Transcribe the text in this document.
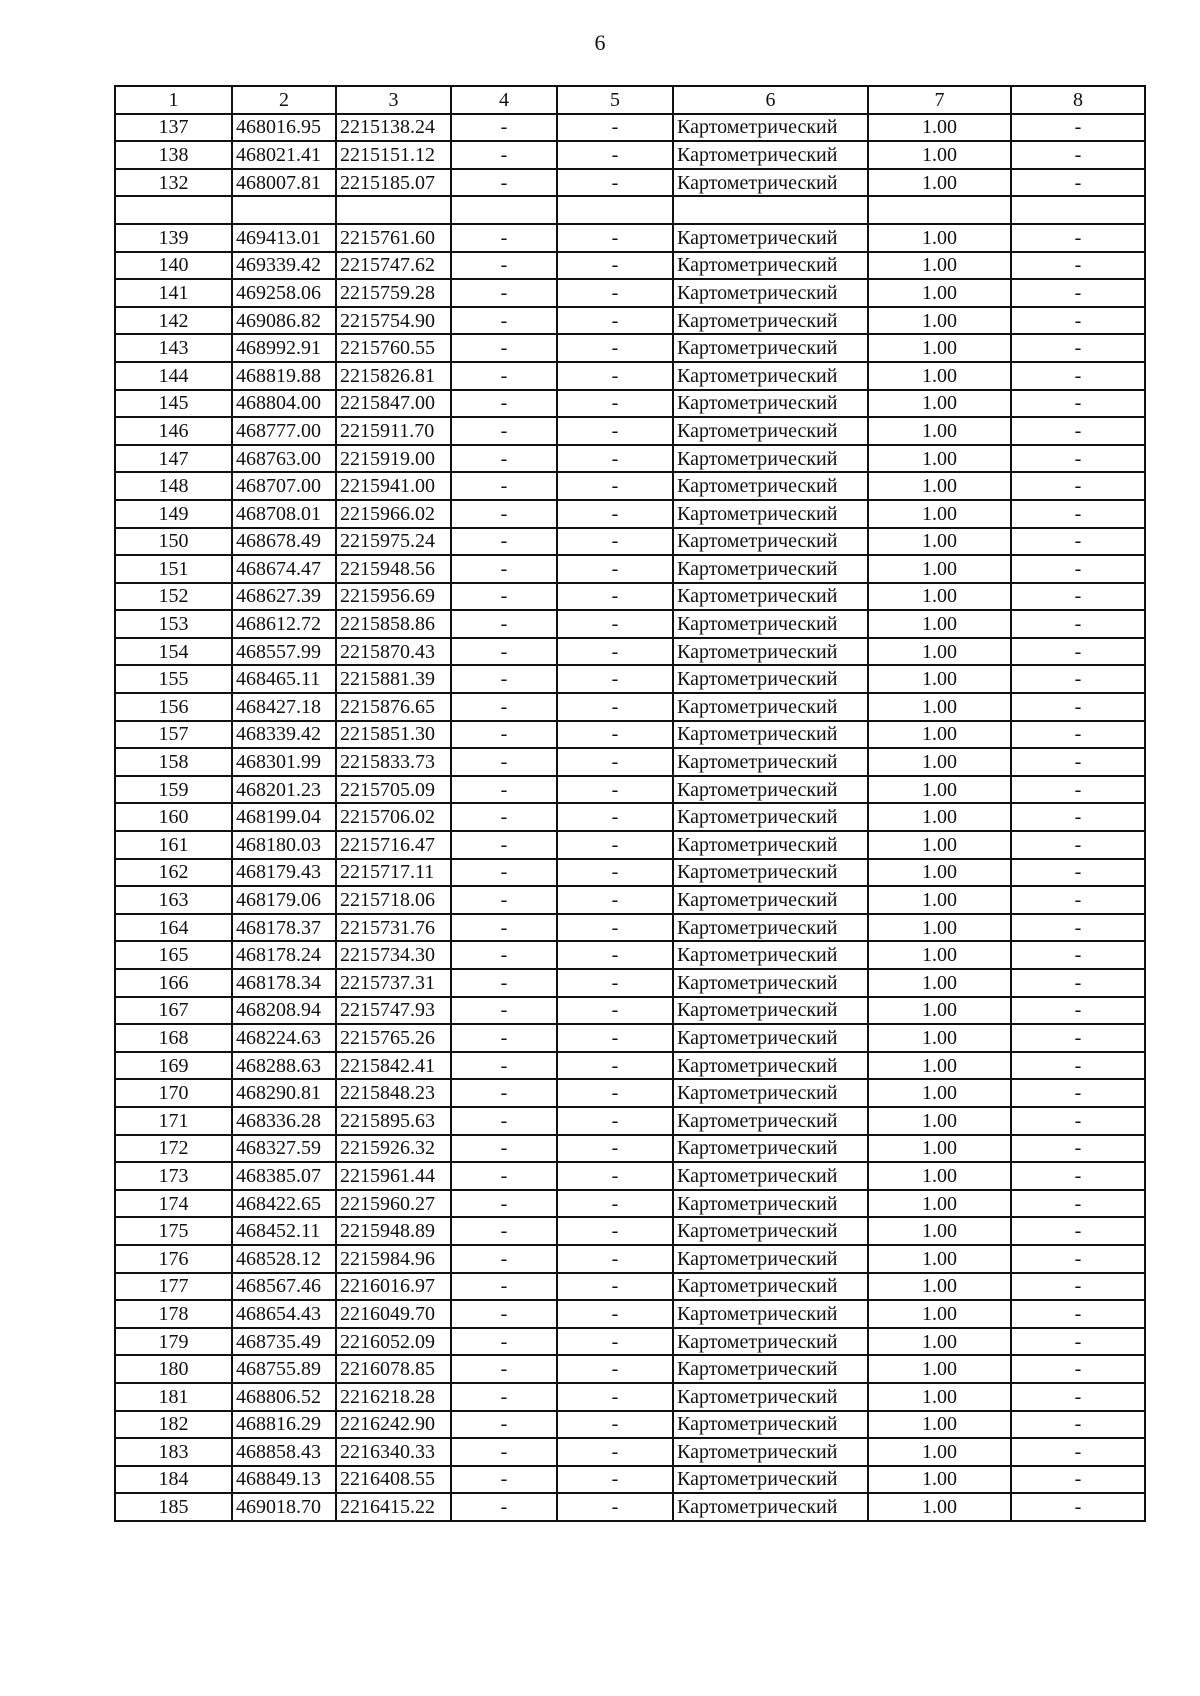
6
1	2	3	4	5	6	7	8
137	468016.95	2215138.24	-	-	Картометрический	1.00	-
138	468021.41	2215151.12	-	-	Картометрический	1.00	-
132	468007.81	2215185.07	-	-	Картометрический	1.00	-

139	469413.01	2215761.60	-	-	Картометрический	1.00	-
140	469339.42	2215747.62	-	-	Картометрический	1.00	-
141	469258.06	2215759.28	-	-	Картометрический	1.00	-
142	469086.82	2215754.90	-	-	Картометрический	1.00	-
143	468992.91	2215760.55	-	-	Картометрический	1.00	-
144	468819.88	2215826.81	-	-	Картометрический	1.00	-
145	468804.00	2215847.00	-	-	Картометрический	1.00	-
146	468777.00	2215911.70	-	-	Картометрический	1.00	-
147	468763.00	2215919.00	-	-	Картометрический	1.00	-
148	468707.00	2215941.00	-	-	Картометрический	1.00	-
149	468708.01	2215966.02	-	-	Картометрический	1.00	-
150	468678.49	2215975.24	-	-	Картометрический	1.00	-
151	468674.47	2215948.56	-	-	Картометрический	1.00	-
152	468627.39	2215956.69	-	-	Картометрический	1.00	-
153	468612.72	2215858.86	-	-	Картометрический	1.00	-
154	468557.99	2215870.43	-	-	Картометрический	1.00	-
155	468465.11	2215881.39	-	-	Картометрический	1.00	-
156	468427.18	2215876.65	-	-	Картометрический	1.00	-
157	468339.42	2215851.30	-	-	Картометрический	1.00	-
158	468301.99	2215833.73	-	-	Картометрический	1.00	-
159	468201.23	2215705.09	-	-	Картометрический	1.00	-
160	468199.04	2215706.02	-	-	Картометрический	1.00	-
161	468180.03	2215716.47	-	-	Картометрический	1.00	-
162	468179.43	2215717.11	-	-	Картометрический	1.00	-
163	468179.06	2215718.06	-	-	Картометрический	1.00	-
164	468178.37	2215731.76	-	-	Картометрический	1.00	-
165	468178.24	2215734.30	-	-	Картометрический	1.00	-
166	468178.34	2215737.31	-	-	Картометрический	1.00	-
167	468208.94	2215747.93	-	-	Картометрический	1.00	-
168	468224.63	2215765.26	-	-	Картометрический	1.00	-
169	468288.63	2215842.41	-	-	Картометрический	1.00	-
170	468290.81	2215848.23	-	-	Картометрический	1.00	-
171	468336.28	2215895.63	-	-	Картометрический	1.00	-
172	468327.59	2215926.32	-	-	Картометрический	1.00	-
173	468385.07	2215961.44	-	-	Картометрический	1.00	-
174	468422.65	2215960.27	-	-	Картометрический	1.00	-
175	468452.11	2215948.89	-	-	Картометрический	1.00	-
176	468528.12	2215984.96	-	-	Картометрический	1.00	-
177	468567.46	2216016.97	-	-	Картометрический	1.00	-
178	468654.43	2216049.70	-	-	Картометрический	1.00	-
179	468735.49	2216052.09	-	-	Картометрический	1.00	-
180	468755.89	2216078.85	-	-	Картометрический	1.00	-
181	468806.52	2216218.28	-	-	Картометрический	1.00	-
182	468816.29	2216242.90	-	-	Картометрический	1.00	-
183	468858.43	2216340.33	-	-	Картометрический	1.00	-
184	468849.13	2216408.55	-	-	Картометрический	1.00	-
185	469018.70	2216415.22	-	-	Картометрический	1.00	-
